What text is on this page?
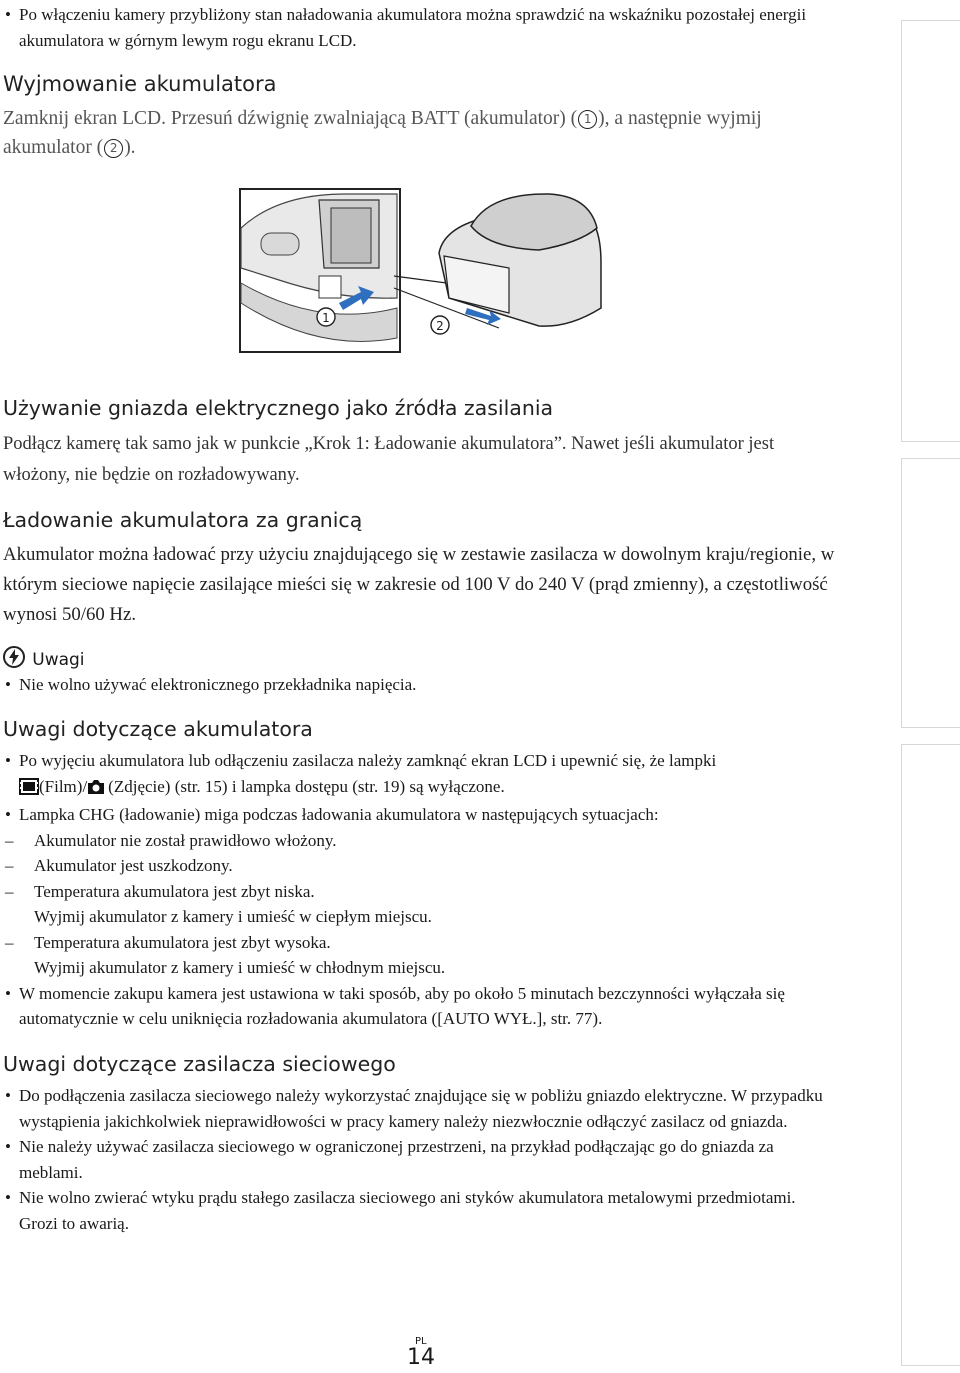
• Po włączeniu kamery przybliżony stan naładowania akumulatora można sprawdzić na wskaźniku pozostałej energii akumulatora w górnym lewym rogu ekranu LCD.
Wyjmowanie akumulatora
Zamknij ekran LCD. Przesuń dźwignię zwalniającą BATT (akumulator) ( 1 ), a następnie wyjmij akumulator ( 2 ).
1
2
Używanie gniazda elektrycznego jako źródła zasilania
Podłącz kamerę tak samo jak w punkcie „Krok 1: Ładowanie akumulatora”. Nawet jeśli akumulator jest włożony, nie będzie on rozładowywany.
Ładowanie akumulatora za granicą
Akumulator można ładować przy użyciu znajdującego się w zestawie zasilacza w dowolnym kraju/regionie, w którym sieciowe napięcie zasilające mieści się w zakresie od 100 V do 240 V (prąd zmienny), a częstotliwość wynosi 50/60 Hz.
Uwagi
• Nie wolno używać elektronicznego przekładnika napięcia.
Uwagi dotyczące akumulatora
• Po wyjęciu akumulatora lub odłączeniu zasilacza należy zamknąć ekran LCD i upewnić się, że lampki
(Film)/ (Zdjęcie) (str. 15) i lampka dostępu (str. 19) są wyłączone.
• Lampka CHG (ładowanie) miga podczas ładowania akumulatora w następujących sytuacjach:
– Akumulator nie został prawidłowo włożony.
– Akumulator jest uszkodzony.
– Temperatura akumulatora jest zbyt niska.
Wyjmij akumulator z kamery i umieść w ciepłym miejscu.
– Temperatura akumulatora jest zbyt wysoka.
Wyjmij akumulator z kamery i umieść w chłodnym miejscu.
• W momencie zakupu kamera jest ustawiona w taki sposób, aby po około 5 minutach bezczynności wyłączała się automatycznie w celu uniknięcia rozładowania akumulatora ([AUTO WYŁ.], str. 77).
Uwagi dotyczące zasilacza sieciowego
• Do podłączenia zasilacza sieciowego należy wykorzystać znajdujące się w pobliżu gniazdo elektryczne. W przypadku wystąpienia jakichkolwiek nieprawidłowości w pracy kamery należy niezwłocznie odłączyć zasilacz od gniazda.
• Nie należy używać zasilacza sieciowego w ograniczonej przestrzeni, na przykład podłączając go do gniazda za meblami.
• Nie wolno zwierać wtyku prądu stałego zasilacza sieciowego ani styków akumulatora metalowymi przedmiotami. Grozi to awarią.
PL
14
